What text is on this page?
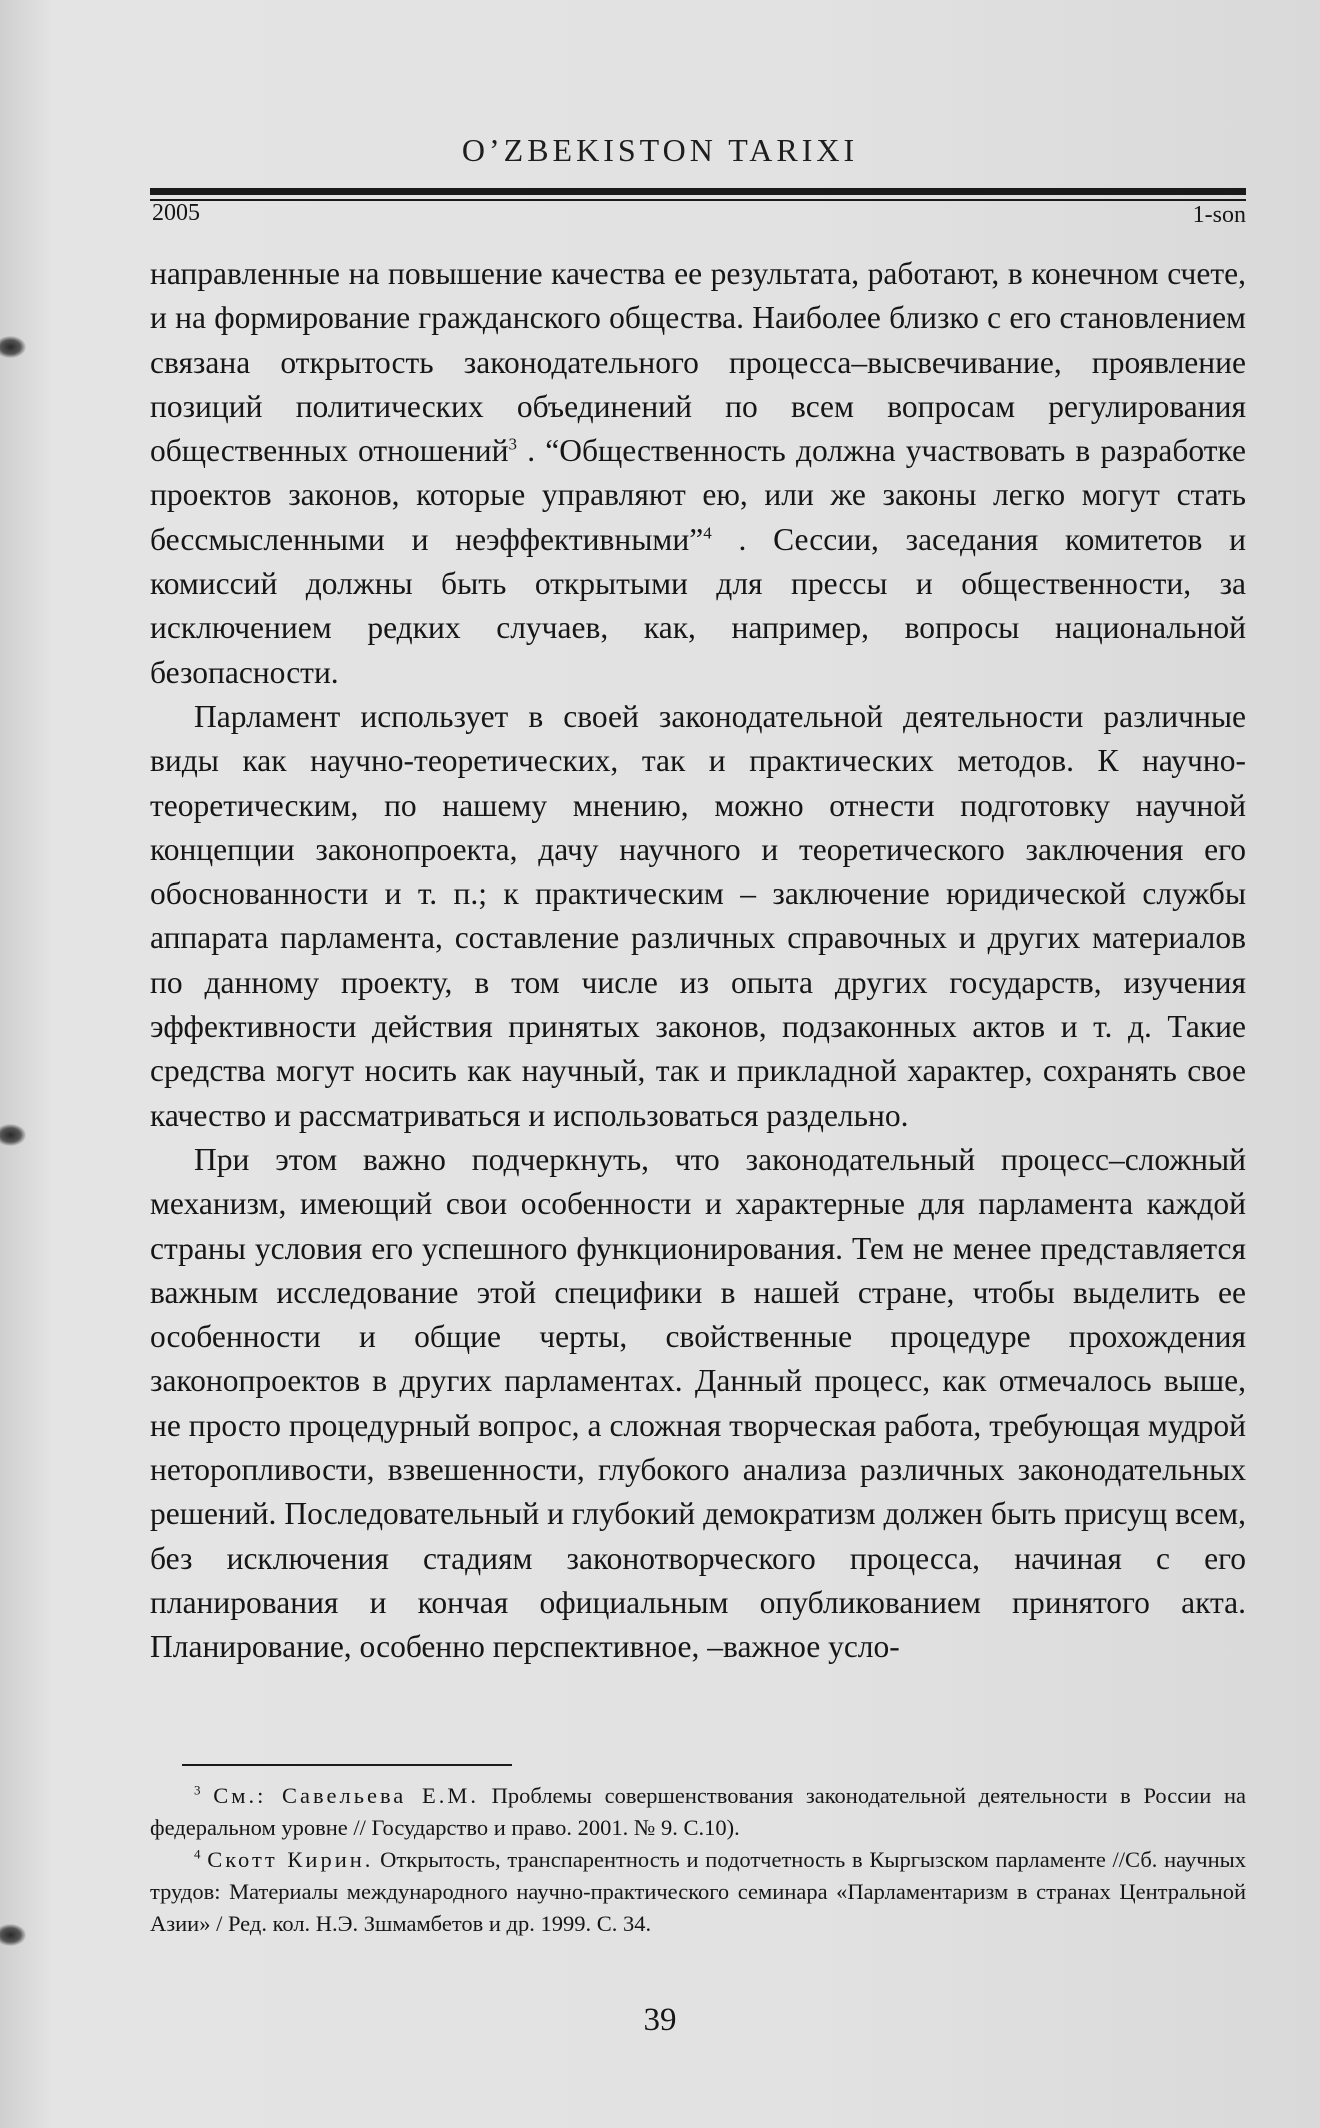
O’ZBEKISTON TARIXI
2005	1-son

направленные на повышение качества ее результата, работают, в конечном счете, и на формирование гражданского общества. Наиболее близко с его становлением связана открытость законодательного процесса–высвечивание, проявление позиций политических объединений по всем вопросам регулирования общественных отношений$^3$ . “Общественность должна участвовать в разработке проектов законов, которые управляют ею, или же законы легко могут стать бессмысленными и неэффективными”$^4$ . Сессии, заседания комитетов и комиссий должны быть открытыми для прессы и общественности, за исключением редких случаев, как, например, вопросы национальной безопасности.

Парламент использует в своей законодательной деятельности различные виды как научно-теоретических, так и практических методов. К научно-теоретическим, по нашему мнению, можно отнести подготовку научной концепции законопроекта, дачу научного и теоретического заключения его обоснованности и т. п.; к практическим – заключение юридической службы аппарата парламента, составление различных справочных и других материалов по данному проекту, в том числе из опыта других государств, изучения эффективности действия принятых законов, подзаконных актов и т. д. Такие средства могут носить как научный, так и прикладной характер, сохранять свое качество и рассматриваться и использоваться раздельно.

При этом важно подчеркнуть, что законодательный процесс–сложный механизм, имеющий свои особенности и характерные для парламента каждой страны условия его успешного функционирования. Тем не менее представляется важным исследование этой специфики в нашей стране, чтобы выделить ее особенности и общие черты, свойственные процедуре прохождения законопроектов в других парламентах. Данный процесс, как отмечалось выше, не просто процедурный вопрос, а сложная творческая работа, требующая мудрой неторопливости, взвешенности, глубокого анализа различных законодательных решений. Последовательный и глубокий демократизм должен быть присущ всем, без исключения стадиям законотворческого процесса, начиная с его планирования и кончая официальным опубликованием принятого акта. Планирование, особенно перспективное, –важное усло-

$^3$ См.: Савельева Е.М. Проблемы совершенствования законодательной деятельности в России на федеральном уровне // Государство и право. 2001. № 9. С.10).

$^4$ Скотт Кирин. Открытость, транспарентность и подотчетность в Кыргызском парламенте //Сб. научных трудов: Материалы международного научно-практического семинара «Парламентаризм в странах Центральной Азии» / Ред. кол. Н.Э. Зшмамбетов и др. 1999. С. 34.

39
